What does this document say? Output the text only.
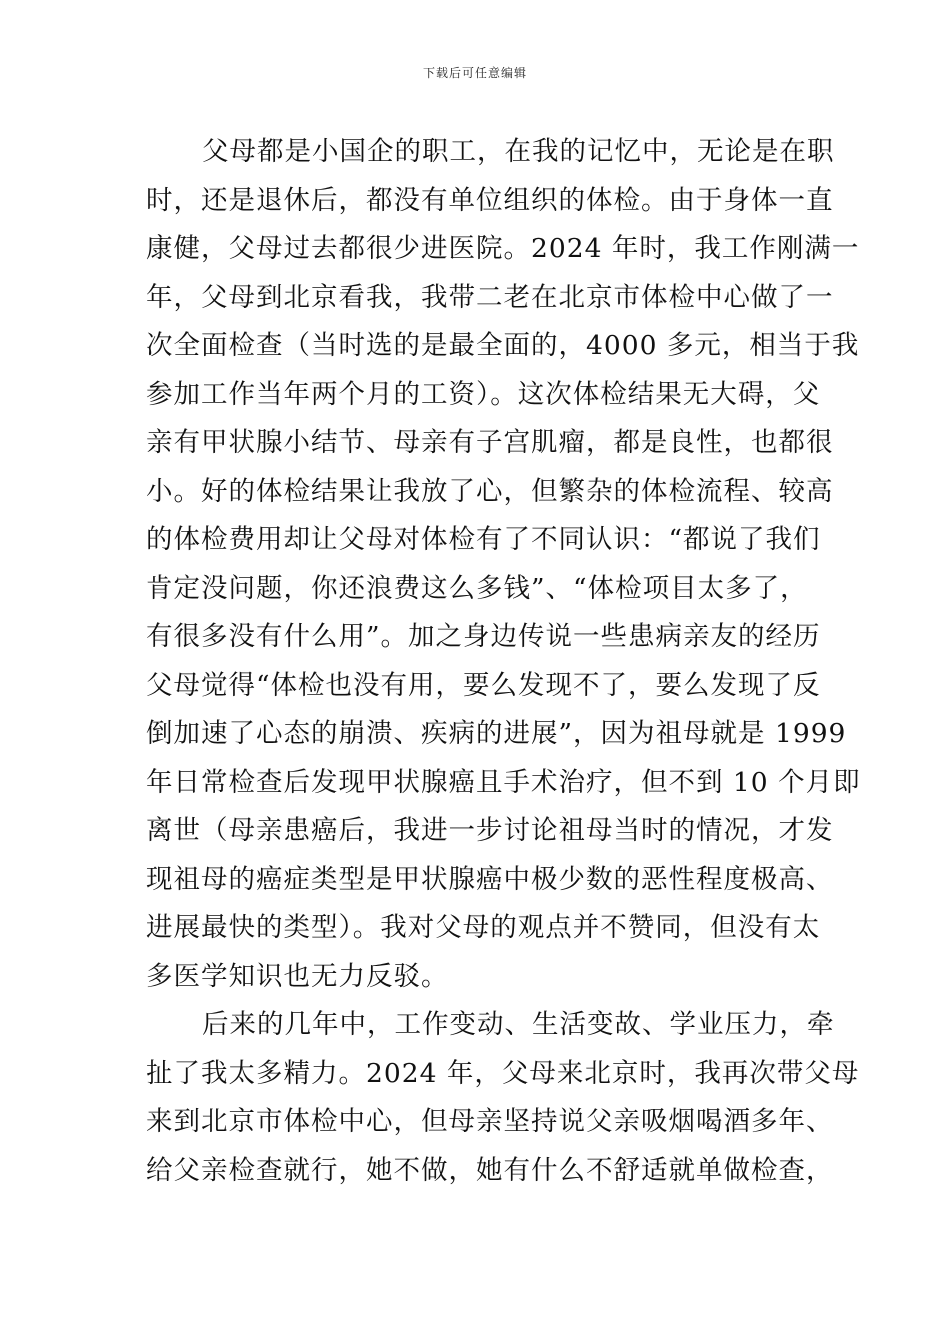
下载后可任意编辑

父母都是小国企的职工，在我的记忆中，无论是在职
时，还是退休后，都没有单位组织的体检。由于身体一直
康健，父母过去都很少进医院。2024 年时，我工作刚满一
年，父母到北京看我，我带二老在北京市体检中心做了一
次全面检查（当时选的是最全面的，4000 多元，相当于我
参加工作当年两个月的工资）。这次体检结果无大碍，父
亲有甲状腺小结节、母亲有子宫肌瘤，都是良性，也都很
小。好的体检结果让我放了心，但繁杂的体检流程、较高
的体检费用却让父母对体检有了不同认识：“都说了我们
肯定没问题，你还浪费这么多钱”、“体检项目太多了，
有很多没有什么用”。加之身边传说一些患病亲友的经历
父母觉得“体检也没有用，要么发现不了，要么发现了反
倒加速了心态的崩溃、疾病的进展”，因为祖母就是 1999
年日常检查后发现甲状腺癌且手术治疗，但不到 10 个月即
离世（母亲患癌后，我进一步讨论祖母当时的情况，才发
现祖母的癌症类型是甲状腺癌中极少数的恶性程度极高、
进展最快的类型）。我对父母的观点并不赞同，但没有太
多医学知识也无力反驳。

后来的几年中，工作变动、生活变故、学业压力，牵
扯了我太多精力。2024 年，父母来北京时，我再次带父母
来到北京市体检中心，但母亲坚持说父亲吸烟喝酒多年、
给父亲检查就行，她不做，她有什么不舒适就单做检查，
